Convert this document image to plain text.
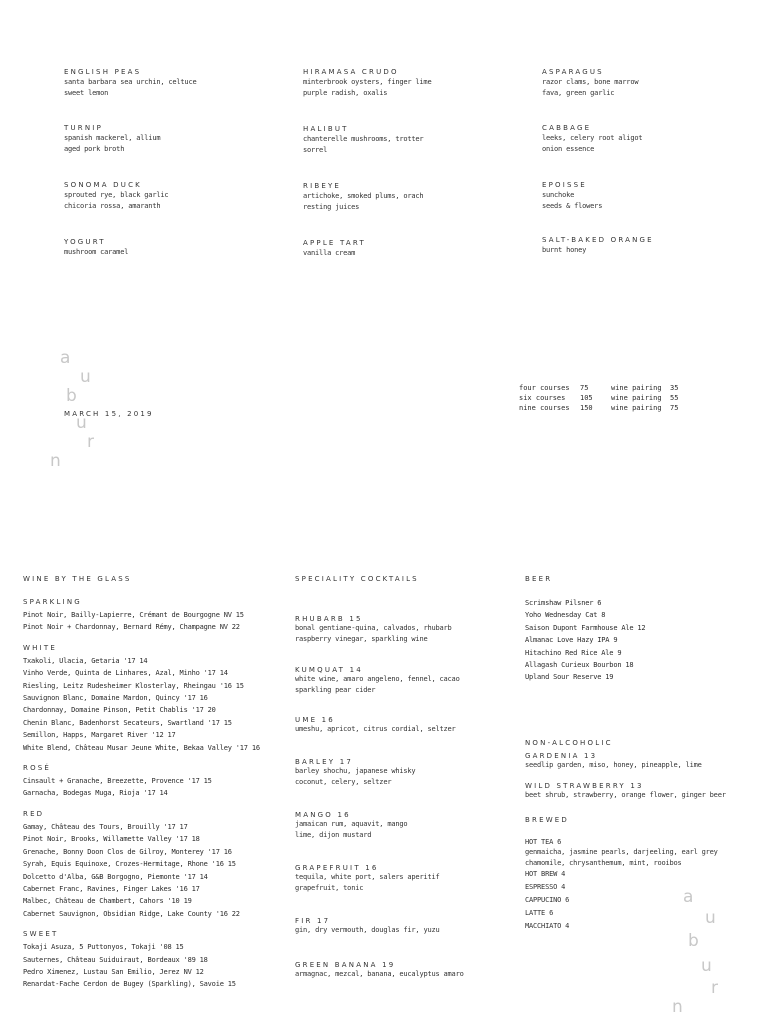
ENGLISH PEAS
santa barbara sea urchin, celtuce
sweet lemon
TURNIP
spanish mackerel, allium
aged pork broth
SONOMA DUCK
sprouted rye, black garlic
chicoria rossa, amaranth
YOGURT
mushroom caramel
HIRAMASA CRUDO
minterbrook oysters, finger lime
purple radish, oxalis
HALIBUT
chanterelle mushrooms, trotter
sorrel
RIBEYE
artichoke, smoked plums, orach
resting juices
APPLE TART
vanilla cream
ASPARAGUS
razor clams, bone marrow
fava, green garlic
CABBAGE
leeks, celery root aligot
onion essence
EPOISSE
sunchoke
seeds & flowers
SALT-BAKED ORANGE
burnt honey
a
u
b
u
r
n
MARCH 15, 2019
four courses 75	wine pairing 35
six courses 105	wine pairing 55
nine courses 150	wine pairing 75
WINE BY THE GLASS
SPARKLING
Pinot Noir, Bailly-Lapierre, Crémant de Bourgogne NV 15
Pinot Noir + Chardonnay, Bernard Rémy, Champagne NV 22
WHITE
Txakoli, Ulacia, Getaria '17 14
Vinho Verde, Quinta de Linhares, Azal, Minho '17 14
Riesling, Leitz Rudesheimer Klosterlay, Rheingau '16 15
Sauvignon Blanc, Domaine Mardon, Quincy '17 16
Chardonnay, Domaine Pinson, Petit Chablis '17 20
Chenin Blanc, Badenhorst Secateurs, Swartland '17 15
Semillon, Happs, Margaret River '12 17
White Blend, Château Musar Jeune White, Bekaa Valley '17 16
ROSÉ
Cinsault + Granache, Breezette, Provence '17 15
Garnacha, Bodegas Muga, Rioja '17 14
RED
Gamay, Château des Tours, Brouilly '17 17
Pinot Noir, Brooks, Willamette Valley '17 18
Grenache, Bonny Doon Clos de Gilroy, Monterey '17 16
Syrah, Equis Equinoxe, Crozes-Hermitage, Rhone '16 15
Dolcetto d'Alba, G&B Borgogno, Piemonte '17 14
Cabernet Franc, Ravines, Finger Lakes '16 17
Malbec, Château de Chambert, Cahors '10 19
Cabernet Sauvignon, Obsidian Ridge, Lake County '16 22
SWEET
Tokaji Asuza, 5 Puttonyos, Tokaji '08 15
Sauternes, Château Suiduiraut, Bordeaux '89 18
Pedro Ximenez, Lustau San Emilio, Jerez NV 12
Renardat-Fache Cerdon de Bugey (Sparkling), Savoie 15
SPECIALITY COCKTAILS
RHUBARB 15
bonal gentiane-quina, calvados, rhubarb
raspberry vinegar, sparkling wine
KUMQUAT 14
white wine, amaro angeleno, fennel, cacao
sparkling pear cider
UME 16
umeshu, apricot, citrus cordial, seltzer
BARLEY 17
barley shochu, japanese whisky
coconut, celery, seltzer
MANGO 16
jamaican rum, aquavit, mango
lime, dijon mustard
GRAPEFRUIT 16
tequila, white port, salers aperitif
grapefruit, tonic
FIR 17
gin, dry vermouth, douglas fir, yuzu
GREEN BANANA 19
armagnac, mezcal, banana, eucalyptus amaro
BEER
Scrimshaw Pilsner 6
Yoho Wednesday Cat 8
Saison Dupont Farmhouse Ale 12
Almanac Love Hazy IPA 9
Hitachino Red Rice Ale 9
Allagash Curieux Bourbon 18
Upland Sour Reserve 19
NON-ALCOHOLIC
GARDENIA 13
seedlip garden, miso, honey, pineapple, lime
WILD STRAWBERRY 13
beet shrub, strawberry, orange flower, ginger beer
BREWED
HOT TEA 6
genmaicha, jasmine pearls, darjeeling, earl grey
chamomile, chrysanthemum, mint, rooibos
HOT BREW 4
ESPRESSO 4
CAPPUCINO 6
LATTE 6
MACCHIATO 4
a
u
b
u
r
n
